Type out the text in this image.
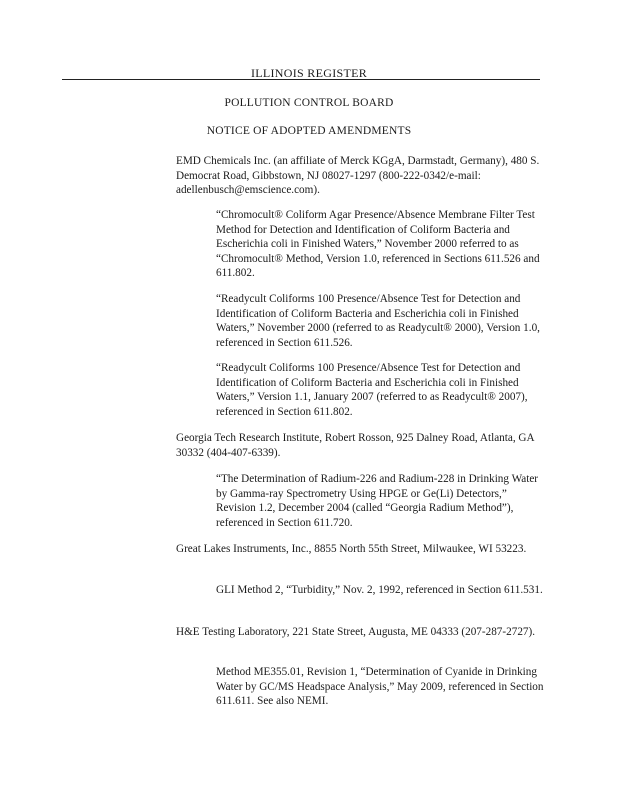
ILLINOIS REGISTER
POLLUTION CONTROL BOARD
NOTICE OF ADOPTED AMENDMENTS

EMD Chemicals Inc. (an affiliate of Merck KGgA, Darmstadt, Germany), 480 S. Democrat Road, Gibbstown, NJ 08027-1297 (800-222-0342/e-mail: adellenbusch@emscience.com).

“Chromocult® Coliform Agar Presence/Absence Membrane Filter Test Method for Detection and Identification of Coliform Bacteria and Escherichia coli in Finished Waters,” November 2000 referred to as “Chromocult® Method, Version 1.0, referenced in Sections 611.526 and 611.802.

“Readycult Coliforms 100 Presence/Absence Test for Detection and Identification of Coliform Bacteria and Escherichia coli in Finished Waters,” November 2000 (referred to as Readycult® 2000), Version 1.0, referenced in Section 611.526.

“Readycult Coliforms 100 Presence/Absence Test for Detection and Identification of Coliform Bacteria and Escherichia coli in Finished Waters,” Version 1.1, January 2007 (referred to as Readycult® 2007), referenced in Section 611.802.

Georgia Tech Research Institute, Robert Rosson, 925 Dalney Road, Atlanta, GA 30332 (404-407-6339).

“The Determination of Radium-226 and Radium-228 in Drinking Water by Gamma-ray Spectrometry Using HPGE or Ge(Li) Detectors,” Revision 1.2, December 2004 (called “Georgia Radium Method”), referenced in Section 611.720.

Great Lakes Instruments, Inc., 8855 North 55th Street, Milwaukee, WI 53223.

GLI Method 2, “Turbidity,” Nov. 2, 1992, referenced in Section 611.531.

H&E Testing Laboratory, 221 State Street, Augusta, ME 04333 (207-287-2727).

Method ME355.01, Revision 1, “Determination of Cyanide in Drinking Water by GC/MS Headspace Analysis,” May 2009, referenced in Section 611.611. See also NEMI.
